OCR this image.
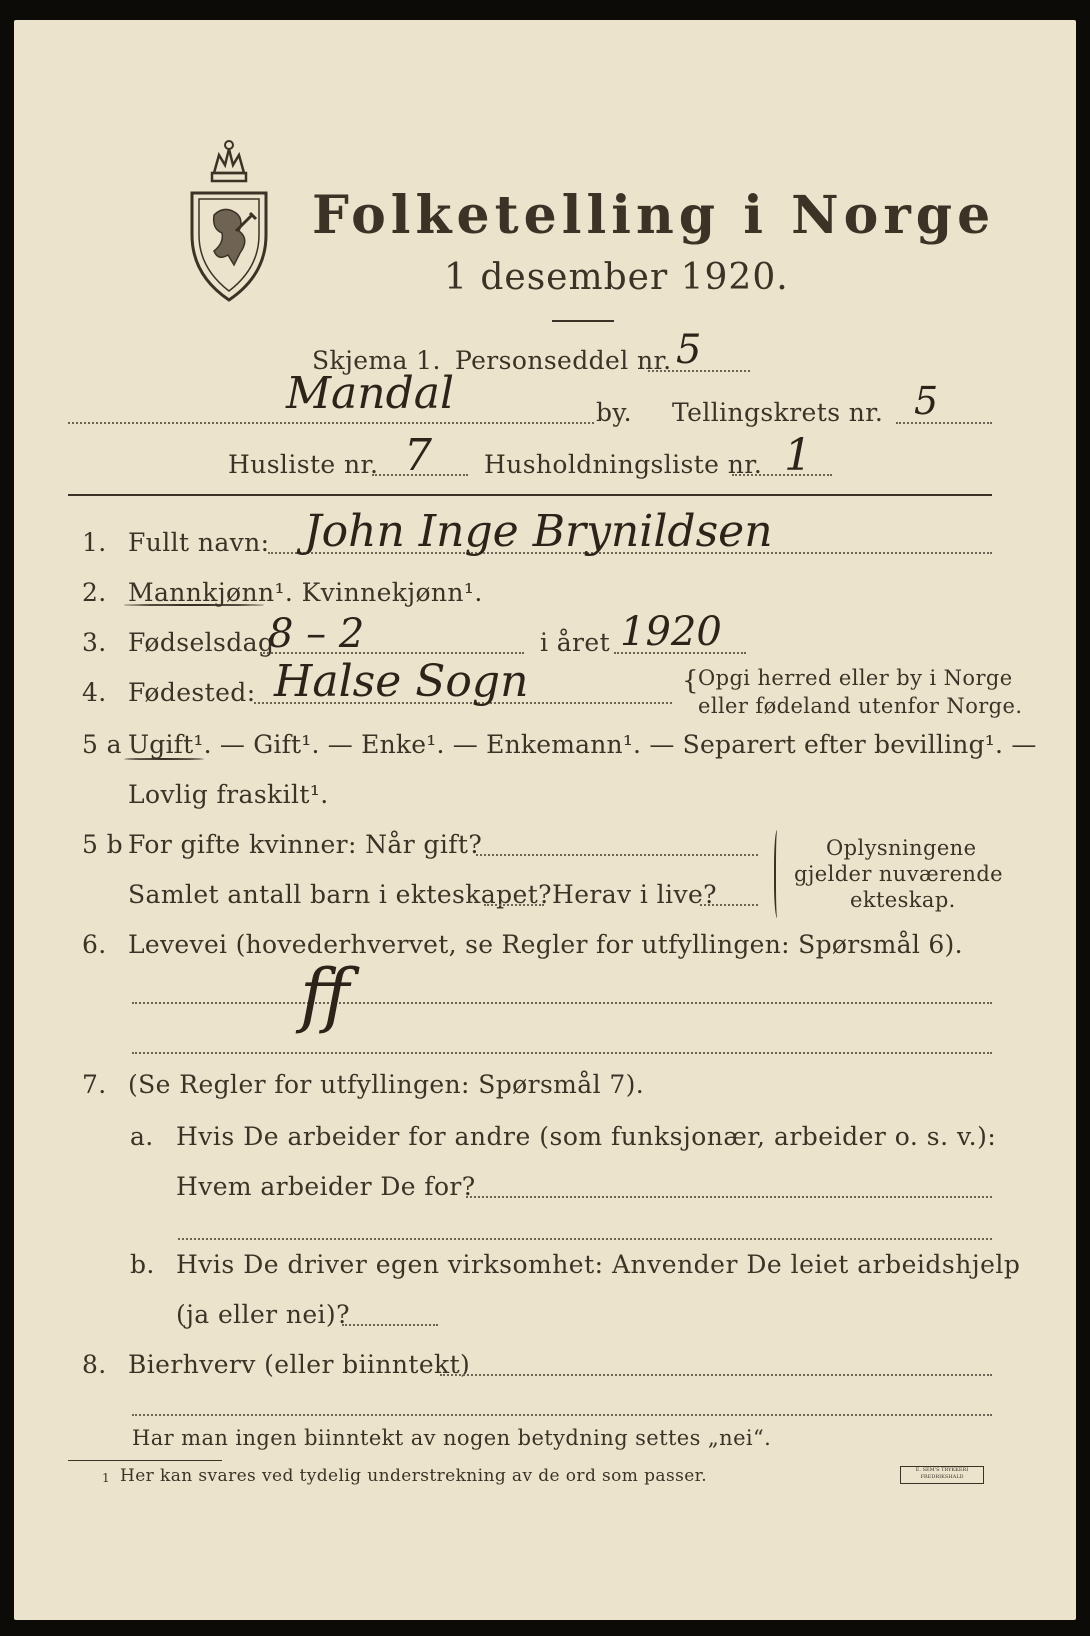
Folketelling i Norge
1 desember 1920.
Skjema 1. Personseddel nr. 5
Mandal	by. Tellingskrets nr. 5
Husliste nr. 7 Husholdningsliste nr. 1
1. Fullt navn: John Inge Brynildsen
2. Mannkjønn¹. Kvinnekjønn¹.
3. Fødselsdag
8 – 2	i året 1920
4. Fødested: Halse Sogn	{ Opgi herred eller by i Norge
eller fødeland utenfor Norge.
5 a Ugift¹. — Gift¹. — Enke¹. — Enkemann¹. — Separert efter bevilling¹. —
Lovlig fraskilt¹.
5 b For gifte kvinner: Når gift?
Samlet antall barn i ekteskapet? Herav i live?
Oplysningene
gjelder nuværende
ekteskap.
6. Levevei (hovederhvervet, se Regler for utfyllingen: Spørsmål 6).
ff
7. (Se Regler for utfyllingen: Spørsmål 7).
a. Hvis De arbeider for andre (som funksjonær, arbeider o. s. v.):
Hvem arbeider De for?
b. Hvis De driver egen virksomhet: Anvender De leiet arbeidshjelp
(ja eller nei)?
8. Bierhverv (eller biinntekt)
Har man ingen biinntekt av nogen betydning settes „nei“.
1 Her kan svares ved tydelig understrekning av de ord som passer.	E. SEM'S TRYKKERI FREDRIKSHALD
